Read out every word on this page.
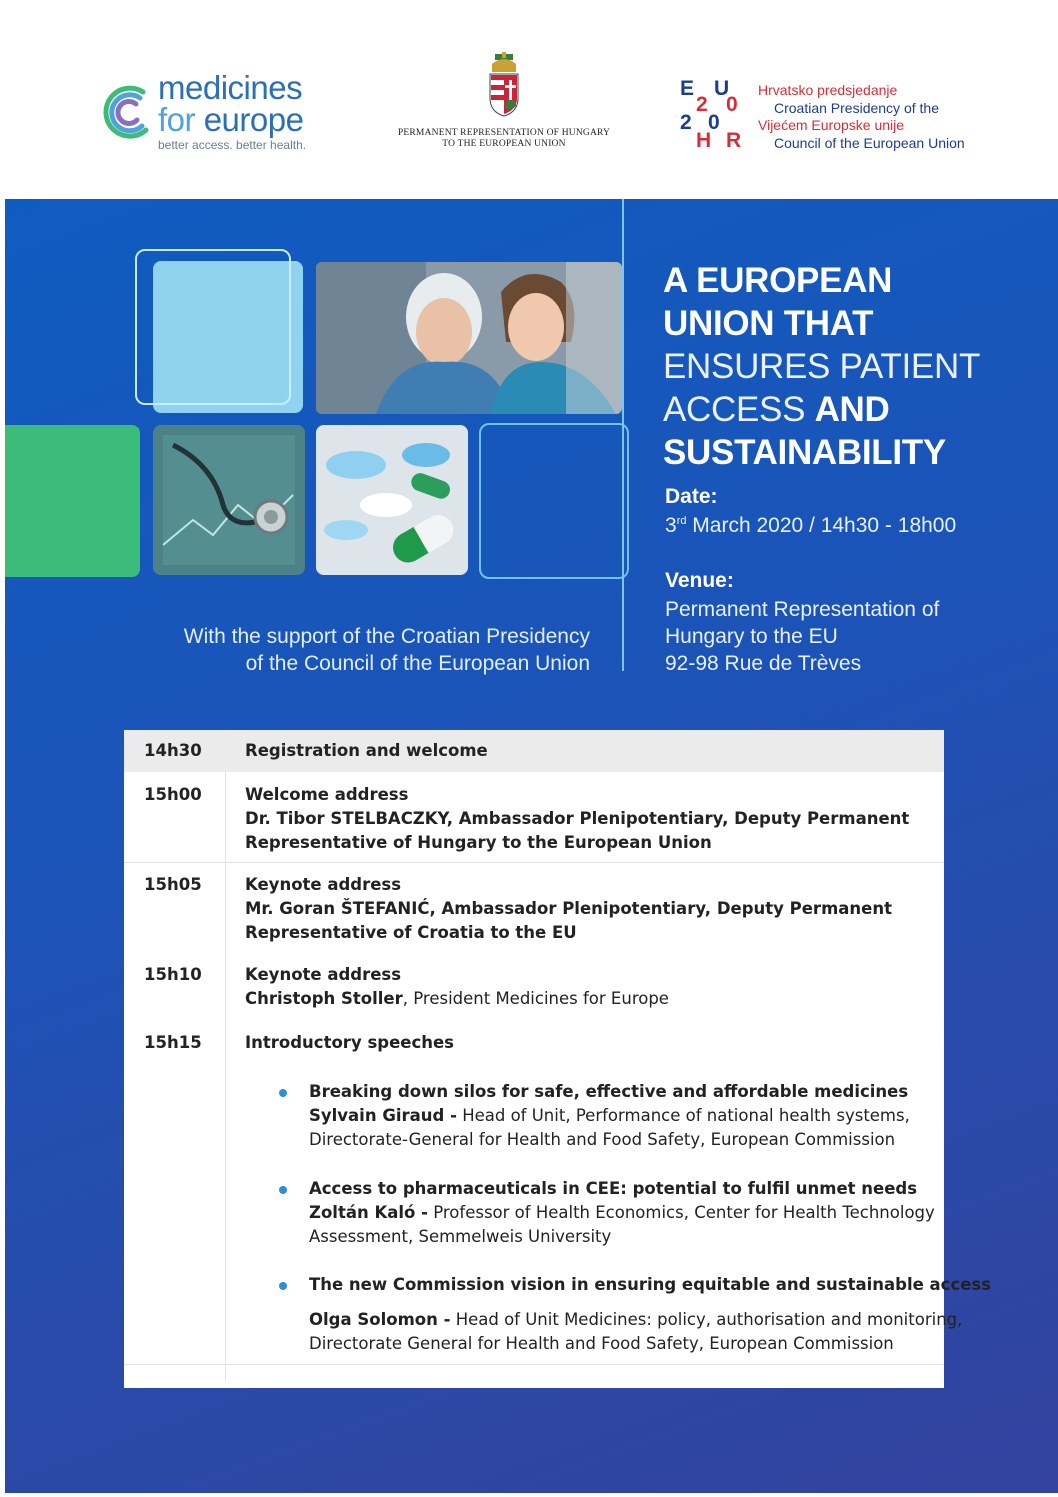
medicines
for europe
better access. better health.
PERMANENT REPRESENTATION OF HUNGARY
TO THE EUROPEAN UNION
E U
2 0
2 0
H R
Hrvatsko predsjedanje
Croatian Presidency of the
Vijećem Europske unije
Council of the European Union
With the support of the Croatian Presidency
of the Council of the European Union
A EUROPEAN
UNION THAT
ENSURES PATIENT
ACCESS AND
SUSTAINABILITY
Date:
3rd March 2020 / 14h30 - 18h00
Venue:
Permanent Representation of
Hungary to the EU
92-98 Rue de Trèves
14h30	Registration and welcome
15h00	Welcome address
Dr. Tibor STELBACZKY, Ambassador Plenipotentiary, Deputy Permanent
Representative of Hungary to the European Union
15h05	Keynote address
Mr. Goran ŠTEFANIĆ, Ambassador Plenipotentiary, Deputy Permanent
Representative of Croatia to the EU
15h10	Keynote address
Christoph Stoller, President Medicines for Europe
15h15	Introductory speeches
Breaking down silos for safe, effective and affordable medicines
Sylvain Giraud - Head of Unit, Performance of national health systems,
Directorate-General for Health and Food Safety, European Commission
Access to pharmaceuticals in CEE: potential to fulfil unmet needs
Zoltán Kaló - Professor of Health Economics, Center for Health Technology
Assessment, Semmelweis University
The new Commission vision in ensuring equitable and sustainable access
Olga Solomon - Head of Unit Medicines: policy, authorisation and monitoring,
Directorate General for Health and Food Safety, European Commission
